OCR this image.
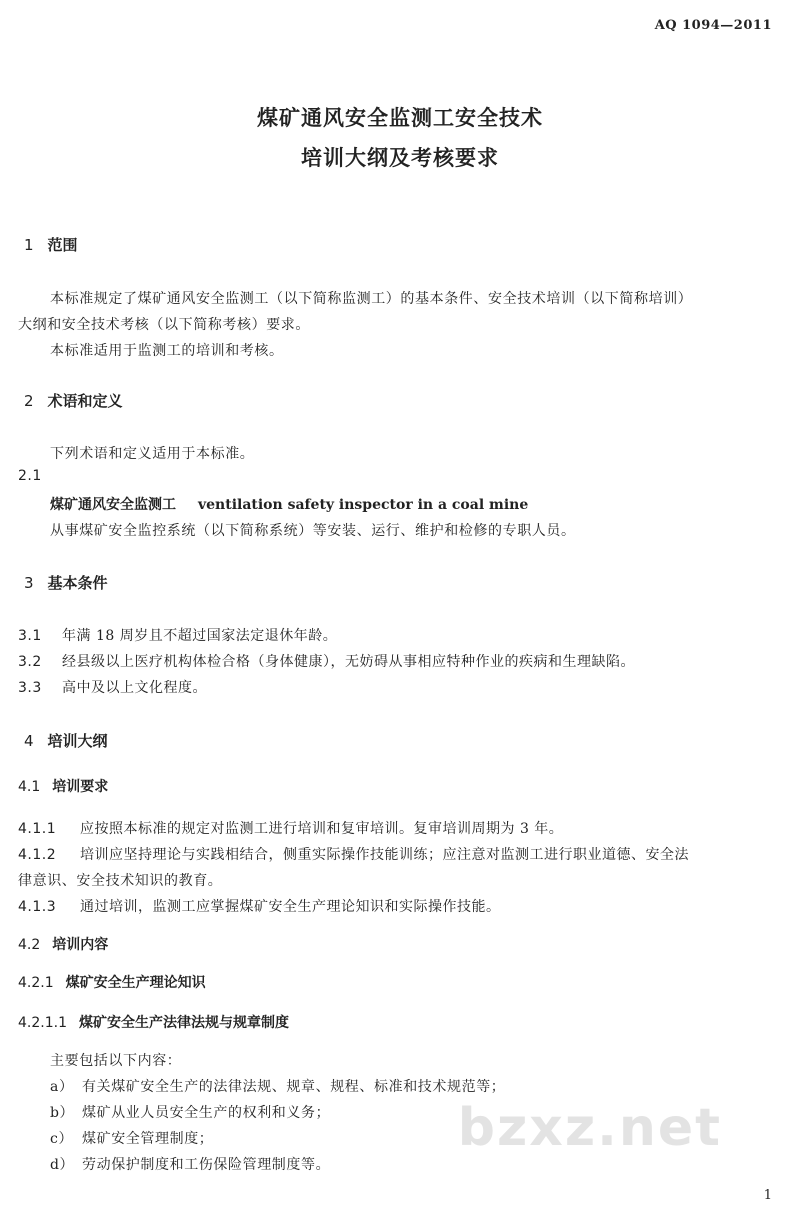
AQ 1094—2011
煤矿通风安全监测工安全技术
培训大纲及考核要求
1 范围
本标准规定了煤矿通风安全监测工（以下简称监测工）的基本条件、安全技术培训（以下简称培训）
大纲和安全技术考核（以下简称考核）要求。
本标准适用于监测工的培训和考核。
2 术语和定义
下列术语和定义适用于本标准。
2.1
煤矿通风安全监测工 ventilation safety inspector in a coal mine
从事煤矿安全监控系统（以下简称系统）等安装、运行、维护和检修的专职人员。
3 基本条件
3.1 年满 18 周岁且不超过国家法定退休年龄。
3.2 经县级以上医疗机构体检合格（身体健康），无妨碍从事相应特种作业的疾病和生理缺陷。
3.3 高中及以上文化程度。
4 培训大纲
4.1 培训要求
4.1.1 应按照本标准的规定对监测工进行培训和复审培训。复审培训周期为 3 年。
4.1.2 培训应坚持理论与实践相结合，侧重实际操作技能训练；应注意对监测工进行职业道德、安全法
律意识、安全技术知识的教育。
4.1.3 通过培训，监测工应掌握煤矿安全生产理论知识和实际操作技能。
4.2 培训内容
4.2.1 煤矿安全生产理论知识
4.2.1.1 煤矿安全生产法律法规与规章制度
主要包括以下内容：
a） 有关煤矿安全生产的法律法规、规章、规程、标准和技术规范等；
b） 煤矿从业人员安全生产的权利和义务；
c） 煤矿安全管理制度；
d） 劳动保护制度和工伤保险管理制度等。
bzxz.net
1
